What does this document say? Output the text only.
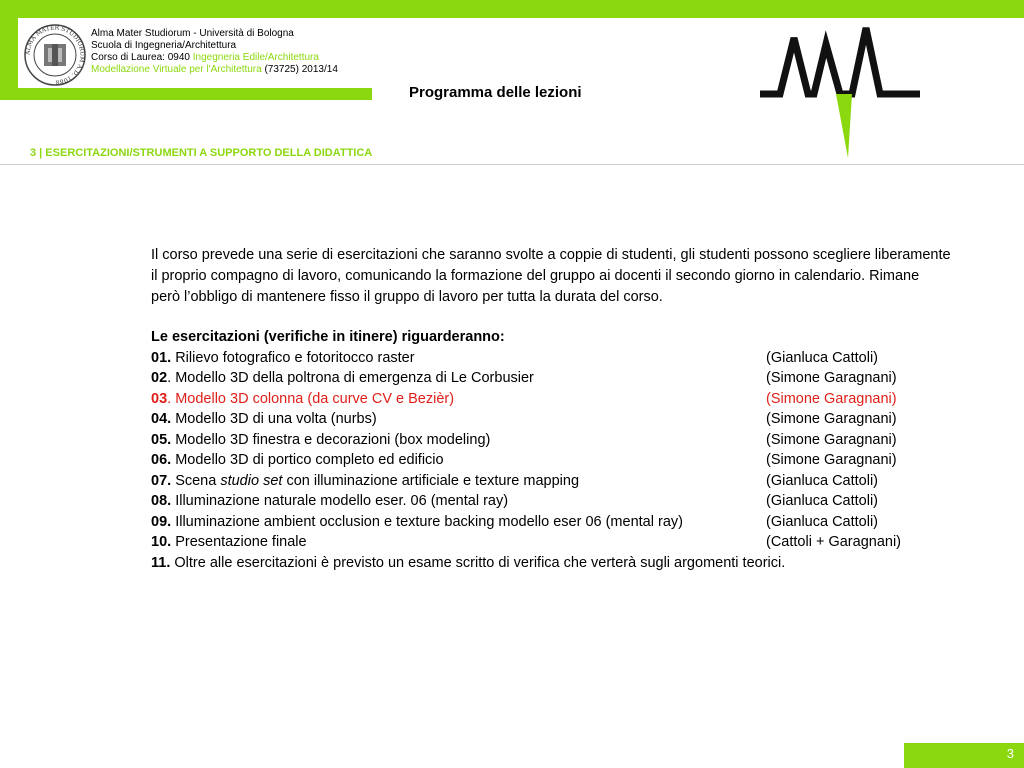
ALMA MATER STUDIORUM A.D. 1088
Alma Mater Studiorum - Università di Bologna
Scuola di Ingegneria/Architettura
Corso di Laurea: 0940 Ingegneria Edile/Architettura
Modellazione Virtuale per l'Architettura (73725) 2013/14
Programma delle lezioni
3 | ESERCITAZIONI/STRUMENTI A SUPPORTO DELLA DIDATTICA

Il corso prevede una serie di esercitazioni che saranno svolte a coppie di studenti, gli studenti possono scegliere liberamente il proprio compagno di lavoro, comunicando la formazione del gruppo ai docenti il secondo giorno in calendario. Rimane però l’obbligo di mantenere fisso il gruppo di lavoro per tutta la durata del corso.

Le esercitazioni (verifiche in itinere) riguarderanno:
01. Rilievo fotografico e fotoritocco raster	(Gianluca Cattoli)
02. Modello 3D della poltrona di emergenza di Le Corbusier	(Simone Garagnani)
03. Modello 3D colonna (da curve CV e Bezièr)	(Simone Garagnani)
04. Modello 3D di una volta (nurbs)	(Simone Garagnani)
05. Modello 3D finestra e decorazioni (box modeling)	(Simone Garagnani)
06. Modello 3D di portico completo ed edificio	(Simone Garagnani)
07. Scena studio set con illuminazione artificiale e texture mapping	(Gianluca Cattoli)
08. Illuminazione naturale modello eser. 06 (mental ray)	(Gianluca Cattoli)
09. Illuminazione ambient occlusion e texture backing modello eser 06 (mental ray)	(Gianluca Cattoli)
10. Presentazione finale	(Cattoli + Garagnani)
11. Oltre alle esercitazioni è previsto un esame scritto di verifica che verterà sugli argomenti teorici.
3
